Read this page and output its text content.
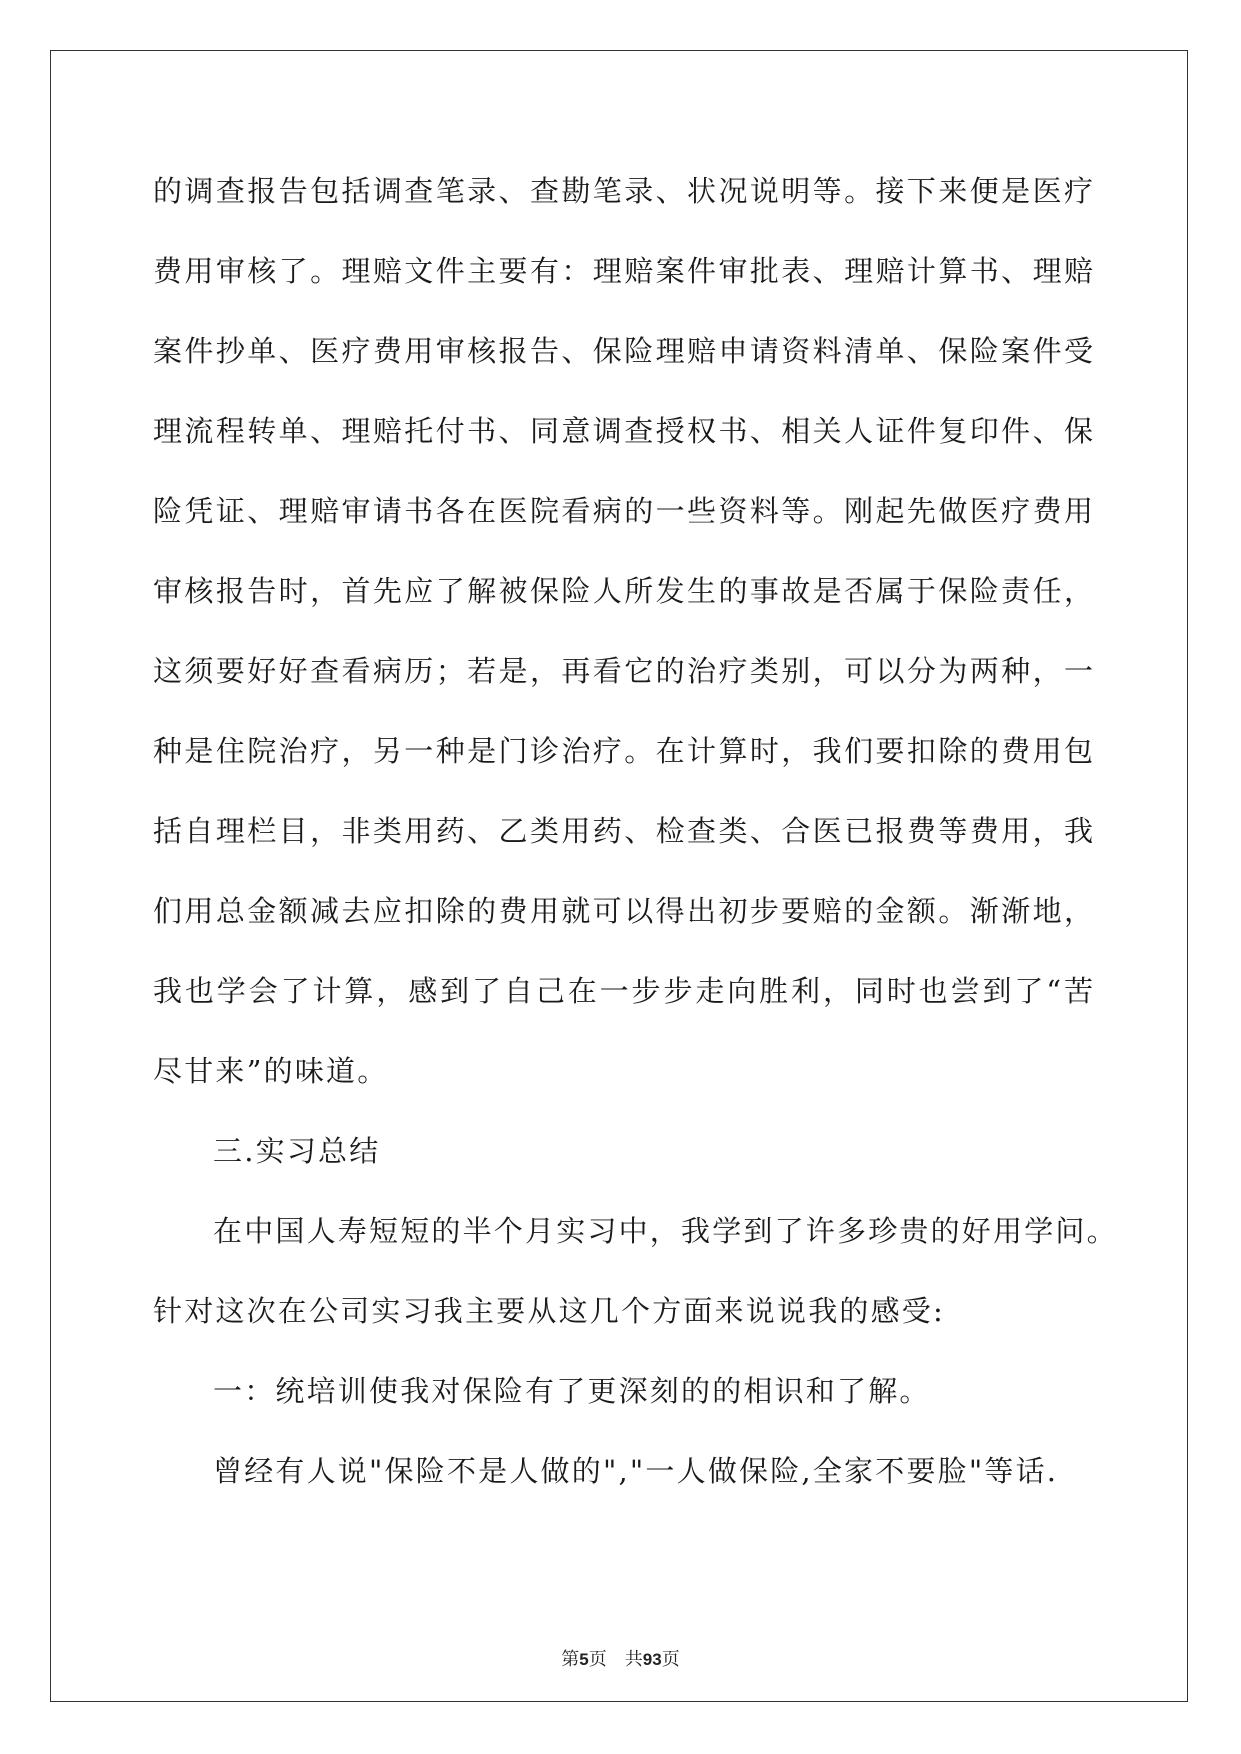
的调查报告包括调查笔录、查勘笔录、状况说明等。接下来便是医疗
费用审核了。理赔文件主要有：理赔案件审批表、理赔计算书、理赔
案件抄单、医疗费用审核报告、保险理赔申请资料清单、保险案件受
理流程转单、理赔托付书、同意调查授权书、相关人证件复印件、保
险凭证、理赔审请书各在医院看病的一些资料等。刚起先做医疗费用
审核报告时，首先应了解被保险人所发生的事故是否属于保险责任，
这须要好好查看病历；若是，再看它的治疗类别，可以分为两种，一
种是住院治疗，另一种是门诊治疗。在计算时，我们要扣除的费用包
括自理栏目，非类用药、乙类用药、检查类、合医已报费等费用，我
们用总金额减去应扣除的费用就可以得出初步要赔的金额。渐渐地，
我也学会了计算，感到了自己在一步步走向胜利，同时也尝到了“苦
尽甘来”的味道。
三.实习总结
在中国人寿短短的半个月实习中，我学到了许多珍贵的好用学问。
针对这次在公司实习我主要从这几个方面来说说我的感受:
一：统培训使我对保险有了更深刻的的相识和了解。
曾经有人说"保险不是人做的","一人做保险,全家不要脸"等话.
第5页 共93页
